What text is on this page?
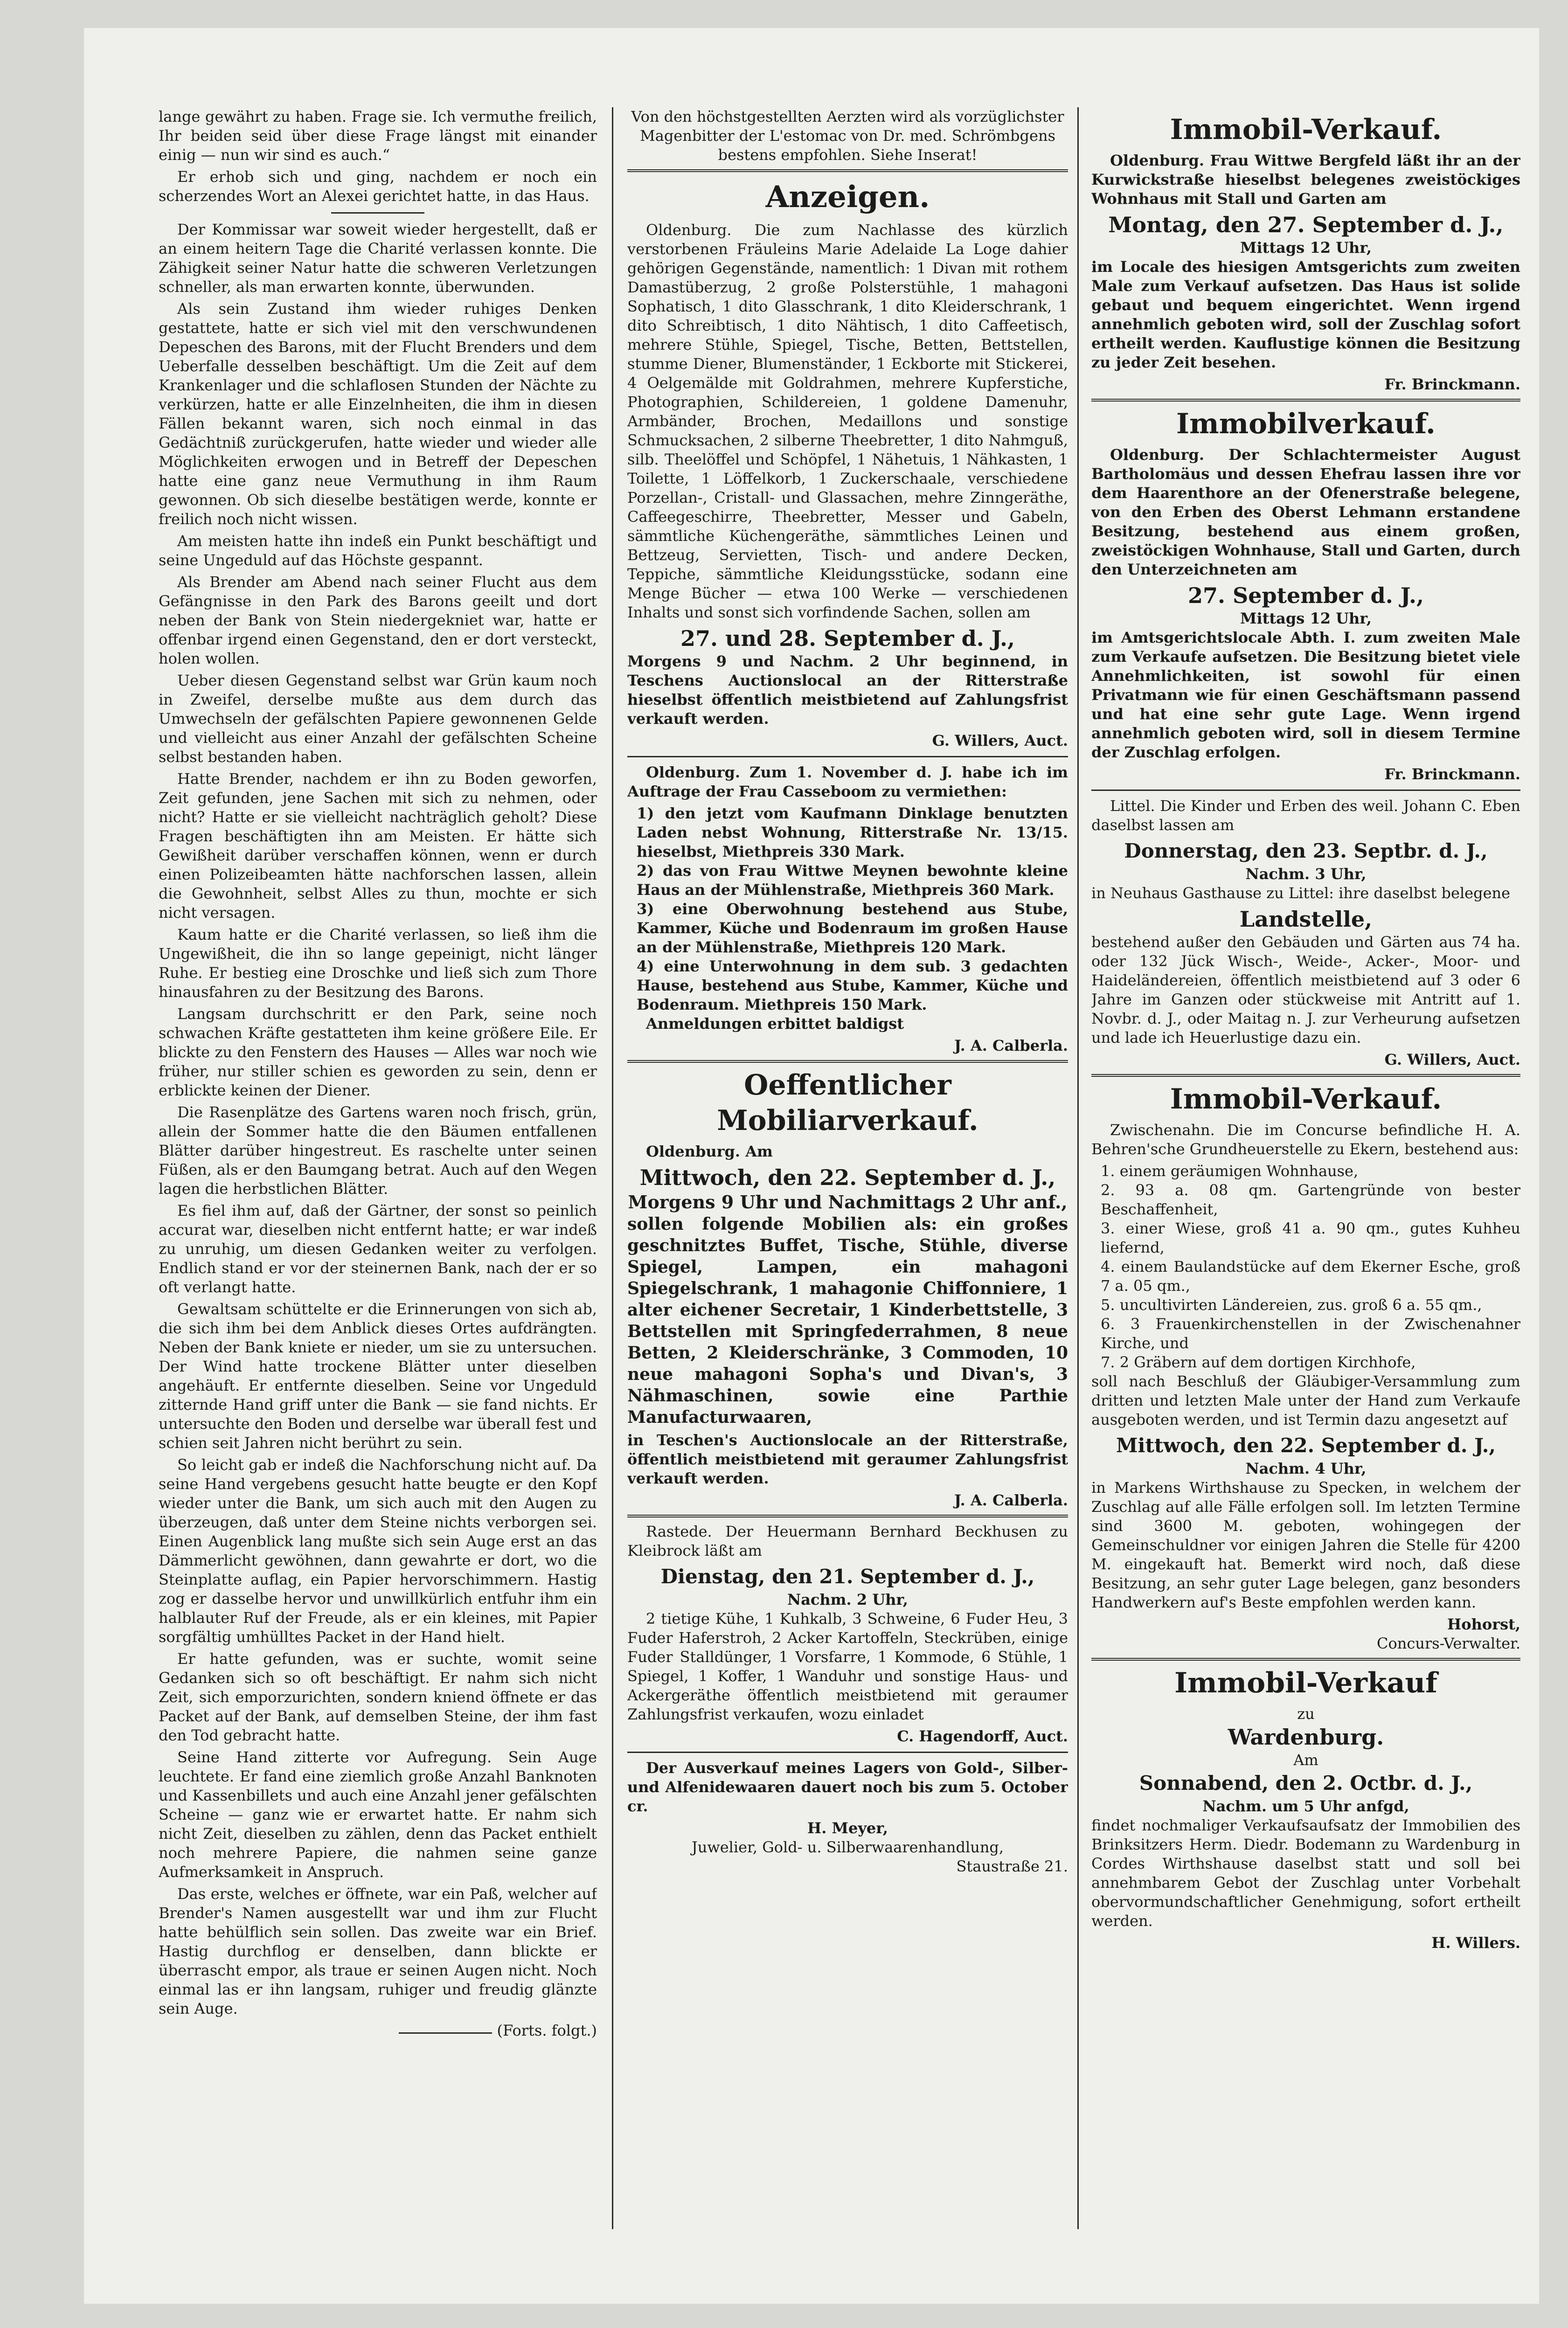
lange gewährt zu haben. Frage sie. Ich vermuthe freilich, Ihr beiden seid über diese Frage längst mit einander einig — nun wir sind es auch.“

Er erhob sich und ging, nachdem er noch ein scherzendes Wort an Alexei gerichtet hatte, in das Haus.

Der Kommissar war soweit wieder hergestellt, daß er an einem heitern Tage die Charité verlassen konnte. Die Zähigkeit seiner Natur hatte die schweren Verletzungen schneller, als man erwarten konnte, überwunden.

Als sein Zustand ihm wieder ruhiges Denken gestattete, hatte er sich viel mit den verschwundenen Depeschen des Barons, mit der Flucht Brenders und dem Ueberfalle desselben beschäftigt. Um die Zeit auf dem Krankenlager und die schlaflosen Stunden der Nächte zu verkürzen, hatte er alle Einzelnheiten, die ihm in diesen Fällen bekannt waren, sich noch einmal in das Gedächtniß zurückgerufen, hatte wieder und wieder alle Möglichkeiten erwogen und in Betreff der Depeschen hatte eine ganz neue Vermuthung in ihm Raum gewonnen. Ob sich dieselbe bestätigen werde, konnte er freilich noch nicht wissen.

Am meisten hatte ihn indeß ein Punkt beschäftigt und seine Ungeduld auf das Höchste gespannt.

Als Brender am Abend nach seiner Flucht aus dem Gefängnisse in den Park des Barons geeilt und dort neben der Bank von Stein niedergekniet war, hatte er offenbar irgend einen Gegenstand, den er dort versteckt, holen wollen.

Ueber diesen Gegenstand selbst war Grün kaum noch in Zweifel, derselbe mußte aus dem durch das Umwechseln der gefälschten Papiere gewonnenen Gelde und vielleicht aus einer Anzahl der gefälschten Scheine selbst bestanden haben.

Hatte Brender, nachdem er ihn zu Boden geworfen, Zeit gefunden, jene Sachen mit sich zu nehmen, oder nicht? Hatte er sie vielleicht nachträglich geholt? Diese Fragen beschäftigten ihn am Meisten. Er hätte sich Gewißheit darüber verschaffen können, wenn er durch einen Polizeibeamten hätte nachforschen lassen, allein die Gewohnheit, selbst Alles zu thun, mochte er sich nicht versagen.

Kaum hatte er die Charité verlassen, so ließ ihm die Ungewißheit, die ihn so lange gepeinigt, nicht länger Ruhe. Er bestieg eine Droschke und ließ sich zum Thore hinausfahren zu der Besitzung des Barons.

Langsam durchschritt er den Park, seine noch schwachen Kräfte gestatteten ihm keine größere Eile. Er blickte zu den Fenstern des Hauses — Alles war noch wie früher, nur stiller schien es geworden zu sein, denn er erblickte keinen der Diener.

Die Rasenplätze des Gartens waren noch frisch, grün, allein der Sommer hatte die den Bäumen entfallenen Blätter darüber hingestreut. Es raschelte unter seinen Füßen, als er den Baumgang betrat. Auch auf den Wegen lagen die herbstlichen Blätter.

Es fiel ihm auf, daß der Gärtner, der sonst so peinlich accurat war, dieselben nicht entfernt hatte; er war indeß zu unruhig, um diesen Gedanken weiter zu verfolgen. Endlich stand er vor der steinernen Bank, nach der er so oft verlangt hatte.

Gewaltsam schüttelte er die Erinnerungen von sich ab, die sich ihm bei dem Anblick dieses Ortes aufdrängten. Neben der Bank kniete er nieder, um sie zu untersuchen. Der Wind hatte trockene Blätter unter dieselben angehäuft. Er entfernte dieselben. Seine vor Ungeduld zitternde Hand griff unter die Bank — sie fand nichts. Er untersuchte den Boden und derselbe war überall fest und schien seit Jahren nicht berührt zu sein.

So leicht gab er indeß die Nachforschung nicht auf. Da seine Hand vergebens gesucht hatte beugte er den Kopf wieder unter die Bank, um sich auch mit den Augen zu überzeugen, daß unter dem Steine nichts verborgen sei. Einen Augenblick lang mußte sich sein Auge erst an das Dämmerlicht gewöhnen, dann gewahrte er dort, wo die Steinplatte auflag, ein Papier hervorschimmern. Hastig zog er dasselbe hervor und unwillkürlich entfuhr ihm ein halblauter Ruf der Freude, als er ein kleines, mit Papier sorgfältig umhülltes Packet in der Hand hielt.

Er hatte gefunden, was er suchte, womit seine Gedanken sich so oft beschäftigt. Er nahm sich nicht Zeit, sich emporzurichten, sondern kniend öffnete er das Packet auf der Bank, auf demselben Steine, der ihm fast den Tod gebracht hatte.

Seine Hand zitterte vor Aufregung. Sein Auge leuchtete. Er fand eine ziemlich große Anzahl Banknoten und Kassenbillets und auch eine Anzahl jener gefälschten Scheine — ganz wie er erwartet hatte. Er nahm sich nicht Zeit, dieselben zu zählen, denn das Packet enthielt noch mehrere Papiere, die nahmen seine ganze Aufmerksamkeit in Anspruch.

Das erste, welches er öffnete, war ein Paß, welcher auf Brender's Namen ausgestellt war und ihm zur Flucht hatte behülflich sein sollen. Das zweite war ein Brief. Hastig durchflog er denselben, dann blickte er überrascht empor, als traue er seinen Augen nicht. Noch einmal las er ihn langsam, ruhiger und freudig glänzte sein Auge.

(Forts. folgt.)

Von den höchstgestellten Aerzten wird als vorzüglichster Magenbitter der L'estomac von Dr. med. Schrömbgens bestens empfohlen. Siehe Inserat!

Anzeigen.

Oldenburg. Die zum Nachlasse des kürzlich verstorbenen Fräuleins Marie Adelaide La Loge dahier gehörigen Gegenstände, namentlich: 1 Divan mit rothem Damastüberzug, 2 große Polsterstühle, 1 mahagoni Sophatisch, 1 dito Glasschrank, 1 dito Kleiderschrank, 1 dito Schreibtisch, 1 dito Nähtisch, 1 dito Caffeetisch, mehrere Stühle, Spiegel, Tische, Betten, Bettstellen, stumme Diener, Blumenständer, 1 Eckborte mit Stickerei, 4 Oelgemälde mit Goldrahmen, mehrere Kupferstiche, Photographien, Schildereien, 1 goldene Damenuhr, Armbänder, Brochen, Medaillons und sonstige Schmucksachen, 2 silberne Theebretter, 1 dito Nahmguß, silb. Theelöffel und Schöpfel, 1 Nähetuis, 1 Nähkasten, 1 Toilette, 1 Löffelkorb, 1 Zuckerschaale, verschiedene Porzellan-, Cristall- und Glassachen, mehre Zinngeräthe, Caffeegeschirre, Theebretter, Messer und Gabeln, sämmtliche Küchengeräthe, sämmtliches Leinen und Bettzeug, Servietten, Tisch- und andere Decken, Teppiche, sämmtliche Kleidungsstücke, sodann eine Menge Bücher — etwa 100 Werke — verschiedenen Inhalts und sonst sich vorfindende Sachen, sollen am

27. und 28. September d. J.,

Morgens 9 und Nachm. 2 Uhr beginnend, in Teschens Auctionslocal an der Ritterstraße hieselbst öffentlich meistbietend auf Zahlungsfrist verkauft werden.

G. Willers, Auct.

Oldenburg. Zum 1. November d. J. habe ich im Auftrage der Frau Casseboom zu vermiethen:

1) den jetzt vom Kaufmann Dinklage benutzten Laden nebst Wohnung, Ritterstraße Nr. 13/15. hieselbst, Miethpreis 330 Mark.
2) das von Frau Wittwe Meynen bewohnte kleine Haus an der Mühlenstraße, Miethpreis 360 Mark.
3) eine Oberwohnung bestehend aus Stube, Kammer, Küche und Bodenraum im großen Hause an der Mühlenstraße, Miethpreis 120 Mark.
4) eine Unterwohnung in dem sub. 3 gedachten Hause, bestehend aus Stube, Kammer, Küche und Bodenraum. Miethpreis 150 Mark.

Anmeldungen erbittet baldigst

J. A. Calberla.
Oeffentlicher Mobiliarverkauf.

Oldenburg. Am

Mittwoch, den 22. September d. J.,
Morgens 9 Uhr und Nachmittags 2 Uhr anf.,

sollen folgende Mobilien als: ein großes geschnitztes Buffet, Tische, Stühle, diverse Spiegel, Lampen, ein mahagoni Spiegelschrank, 1 mahagonie Chiffonniere, 1 alter eichener Secretair, 1 Kinderbettstelle, 3 Bettstellen mit Springfederrahmen, 8 neue Betten, 2 Kleiderschränke, 3 Commoden, 10 neue mahagoni Sopha's und Divan's, 3 Nähmaschinen, sowie eine Parthie Manufacturwaaren,

in Teschen's Auctionslocale an der Ritterstraße, öffentlich meistbietend mit geraumer Zahlungsfrist verkauft werden.

J. A. Calberla.

Rastede. Der Heuermann Bernhard Beckhusen zu Kleibrock läßt am

Dienstag, den 21. September d. J.,
Nachm. 2 Uhr,

2 tietige Kühe, 1 Kuhkalb, 3 Schweine, 6 Fuder Heu, 3 Fuder Haferstroh, 2 Acker Kartoffeln, Steckrüben, einige Fuder Stalldünger, 1 Vorsfarre, 1 Kommode, 6 Stühle, 1 Spiegel, 1 Koffer, 1 Wanduhr und sonstige Haus- und Ackergeräthe öffentlich meistbietend mit geraumer Zahlungsfrist verkaufen, wozu einladet

C. Hagendorff, Auct.

Der Ausverkauf meines Lagers von Gold-, Silber- und Alfenidewaaren dauert noch bis zum 5. October cr.

H. Meyer,
Juwelier, Gold- u. Silberwaarenhandlung,
Staustraße 21.
Immobil-Verkauf.

Oldenburg. Frau Wittwe Bergfeld läßt ihr an der Kurwickstraße hieselbst belegenes zweistöckiges Wohnhaus mit Stall und Garten am

Montag, den 27. September d. J.,
Mittags 12 Uhr,

im Locale des hiesigen Amtsgerichts zum zweiten Male zum Verkauf aufsetzen. Das Haus ist solide gebaut und bequem eingerichtet. Wenn irgend annehmlich geboten wird, soll der Zuschlag sofort ertheilt werden. Kauflustige können die Besitzung zu jeder Zeit besehen.

Fr. Brinckmann.
Immobilverkauf.

Oldenburg. Der Schlachtermeister August Bartholomäus und dessen Ehefrau lassen ihre vor dem Haarenthore an der Ofenerstraße belegene, von den Erben des Oberst Lehmann erstandene Besitzung, bestehend aus einem großen, zweistöckigen Wohnhause, Stall und Garten, durch den Unterzeichneten am

27. September d. J.,
Mittags 12 Uhr,

im Amtsgerichtslocale Abth. I. zum zweiten Male zum Verkaufe aufsetzen. Die Besitzung bietet viele Annehmlichkeiten, ist sowohl für einen Privatmann wie für einen Geschäftsmann passend und hat eine sehr gute Lage. Wenn irgend annehmlich geboten wird, soll in diesem Termine der Zuschlag erfolgen.

Fr. Brinckmann.

Littel. Die Kinder und Erben des weil. Johann C. Eben daselbst lassen am

Donnerstag, den 23. Septbr. d. J.,
Nachm. 3 Uhr,

in Neuhaus Gasthause zu Littel: ihre daselbst belegene

Landstelle,

bestehend außer den Gebäuden und Gärten aus 74 ha. oder 132 Jück Wisch-, Weide-, Acker-, Moor- und Haideländereien, öffentlich meistbietend auf 3 oder 6 Jahre im Ganzen oder stückweise mit Antritt auf 1. Novbr. d. J., oder Maitag n. J. zur Verheurung aufsetzen und lade ich Heuerlustige dazu ein.

G. Willers, Auct.
Immobil-Verkauf.

Zwischenahn. Die im Concurse befindliche H. A. Behren'sche Grundheuerstelle zu Ekern, bestehend aus:

1. einem geräumigen Wohnhause,
2. 93 a. 08 qm. Gartengründe von bester Beschaffenheit,
3. einer Wiese, groß 41 a. 90 qm., gutes Kuhheu liefernd,
4. einem Baulandstücke auf dem Ekerner Esche, groß 7 a. 05 qm.,
5. uncultivirten Ländereien, zus. groß 6 a. 55 qm.,
6. 3 Frauenkirchenstellen in der Zwischenahner Kirche, und
7. 2 Gräbern auf dem dortigen Kirchhofe,

soll nach Beschluß der Gläubiger-Versammlung zum dritten und letzten Male unter der Hand zum Verkaufe ausgeboten werden, und ist Termin dazu angesetzt auf

Mittwoch, den 22. September d. J.,
Nachm. 4 Uhr,

in Markens Wirthshause zu Specken, in welchem der Zuschlag auf alle Fälle erfolgen soll. Im letzten Termine sind 3600 M. geboten, wohingegen der Gemeinschuldner vor einigen Jahren die Stelle für 4200 M. eingekauft hat. Bemerkt wird noch, daß diese Besitzung, an sehr guter Lage belegen, ganz besonders Handwerkern auf's Beste empfohlen werden kann.

Hohorst,
Concurs-Verwalter.
Immobil-Verkauf
zu
Wardenburg.
Am
Sonnabend, den 2. Octbr. d. J.,
Nachm. um 5 Uhr anfgd,

findet nochmaliger Verkaufsaufsatz der Immobilien des Brinksitzers Herm. Diedr. Bodemann zu Wardenburg in Cordes Wirthshause daselbst statt und soll bei annehmbarem Gebot der Zuschlag unter Vorbehalt obervormundschaftlicher Genehmigung, sofort ertheilt werden.

H. Willers.
